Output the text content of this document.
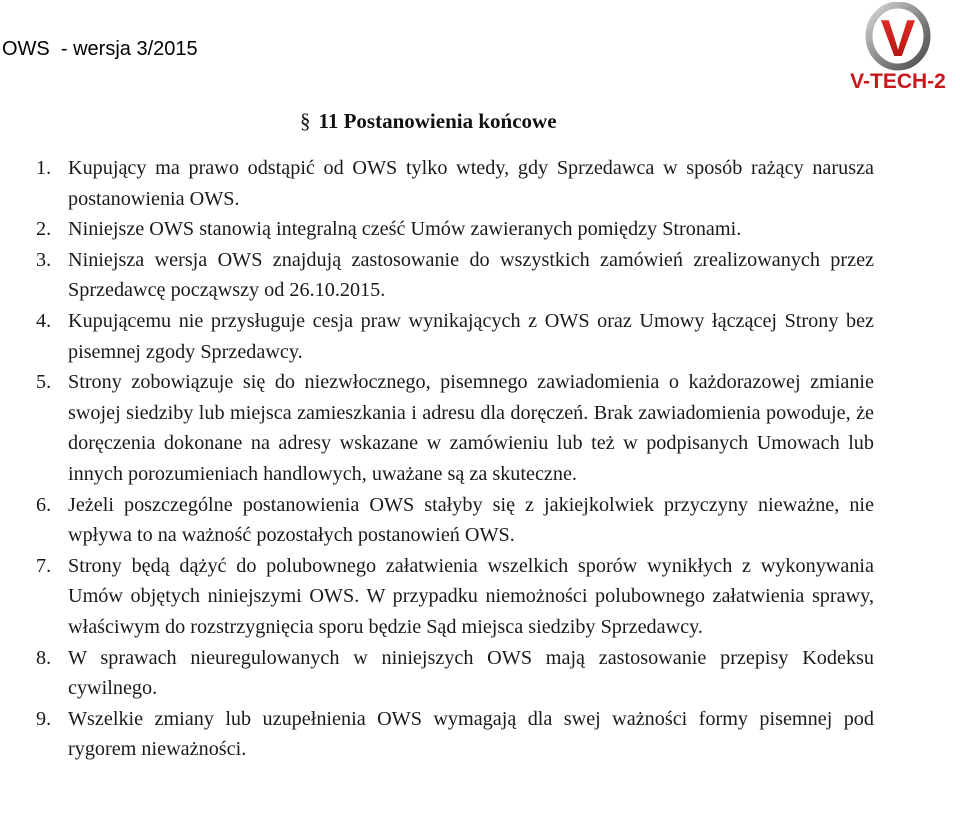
OWS  - wersja 3/2015	V
V-TECH-2
§ 11 Postanowienia końcowe
1. Kupujący ma prawo odstąpić od OWS tylko wtedy, gdy Sprzedawca w sposób rażący narusza postanowienia OWS.
2. Niniejsze OWS stanowią integralną cześć Umów zawieranych pomiędzy Stronami.
3. Niniejsza wersja OWS znajdują zastosowanie do wszystkich zamówień zrealizowanych przez Sprzedawcę począwszy od 26.10.2015.
4. Kupującemu nie przysługuje cesja praw wynikających z OWS oraz Umowy łączącej Strony bez pisemnej zgody Sprzedawcy.
5. Strony zobowiązuje się do niezwłocznego, pisemnego zawiadomienia o każdorazowej zmianie swojej siedziby lub miejsca zamieszkania i adresu dla doręczeń. Brak zawiadomienia powoduje, że doręczenia dokonane na adresy wskazane w zamówieniu lub też w podpisanych Umowach lub innych porozumieniach handlowych, uważane są za skuteczne.
6. Jeżeli poszczególne postanowienia OWS stałyby się z jakiejkolwiek przyczyny nieważne, nie wpływa to na ważność pozostałych postanowień OWS.
7. Strony będą dążyć do polubownego załatwienia wszelkich sporów wynikłych z wykonywania Umów objętych niniejszymi OWS. W przypadku niemożności polubownego załatwienia sprawy, właściwym do rozstrzygnięcia sporu będzie Sąd miejsca siedziby Sprzedawcy.
8. W sprawach nieuregulowanych w niniejszych OWS mają zastosowanie przepisy Kodeksu cywilnego.
9. Wszelkie zmiany lub uzupełnienia OWS wymagają dla swej ważności formy pisemnej pod rygorem nieważności.
